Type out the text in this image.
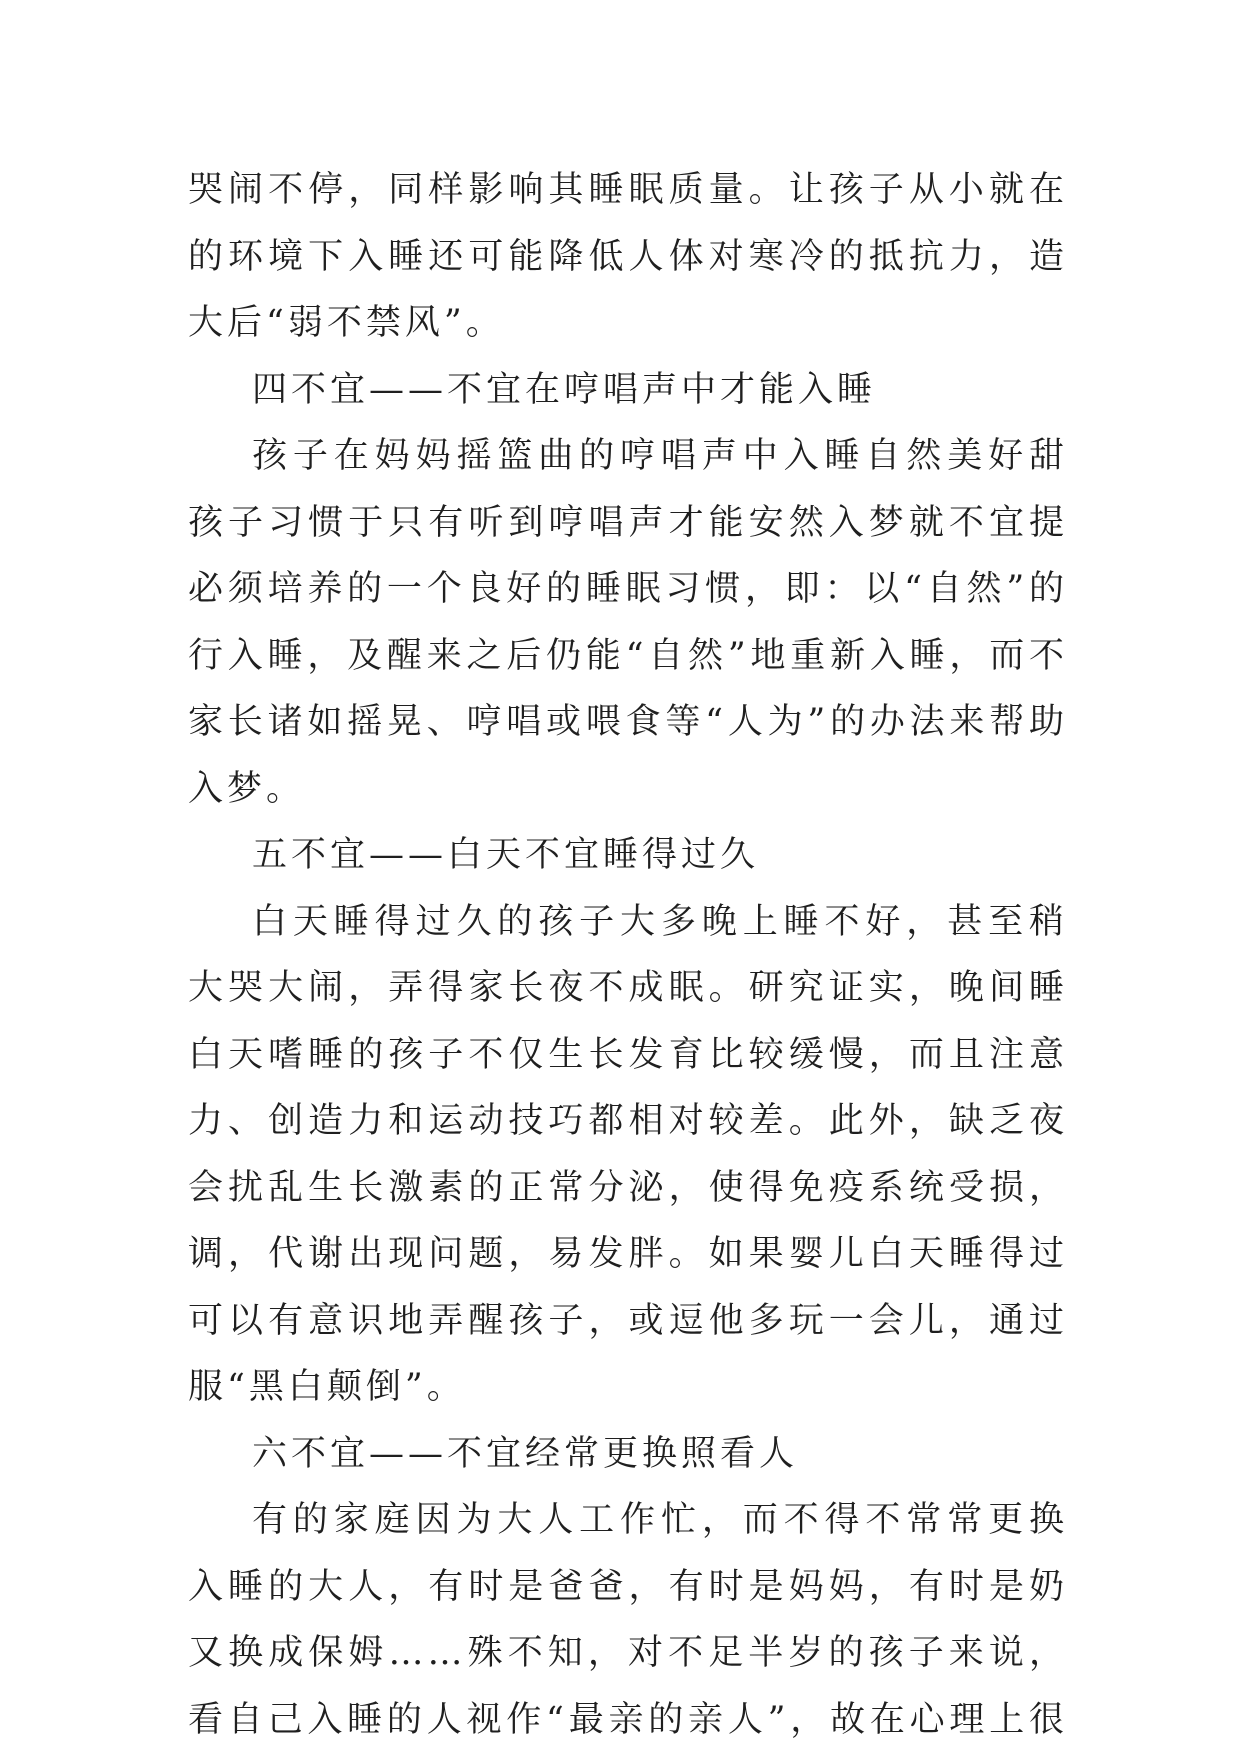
哭闹不停，同样影响其睡眠质量。让孩子从小就在
的环境下入睡还可能降低人体对寒冷的抵抗力，造
大后“弱不禁风”。
四不宜——不宜在哼唱声中才能入睡
孩子在妈妈摇篮曲的哼唱声中入睡自然美好甜
孩子习惯于只有听到哼唱声才能安然入梦就不宜提
必须培养的一个良好的睡眠习惯，即：以“自然”的
行入睡，及醒来之后仍能“自然”地重新入睡，而不
家长诸如摇晃、哼唱或喂食等“人为”的办法来帮助
入梦。
五不宜——白天不宜睡得过久
白天睡得过久的孩子大多晚上睡不好，甚至稍
大哭大闹，弄得家长夜不成眠。研究证实，晚间睡
白天嗜睡的孩子不仅生长发育比较缓慢，而且注意
力、创造力和运动技巧都相对较差。此外，缺乏夜
会扰乱生长激素的正常分泌，使得免疫系统受损，
调，代谢出现问题，易发胖。如果婴儿白天睡得过
可以有意识地弄醒孩子，或逗他多玩一会儿，通过
服“黑白颠倒”。
六不宜——不宜经常更换照看人
有的家庭因为大人工作忙，而不得不常常更换
入睡的大人，有时是爸爸，有时是妈妈，有时是奶
又换成保姆……殊不知，对不足半岁的孩子来说，
看自己入睡的人视作“最亲的亲人”，故在心理上很
